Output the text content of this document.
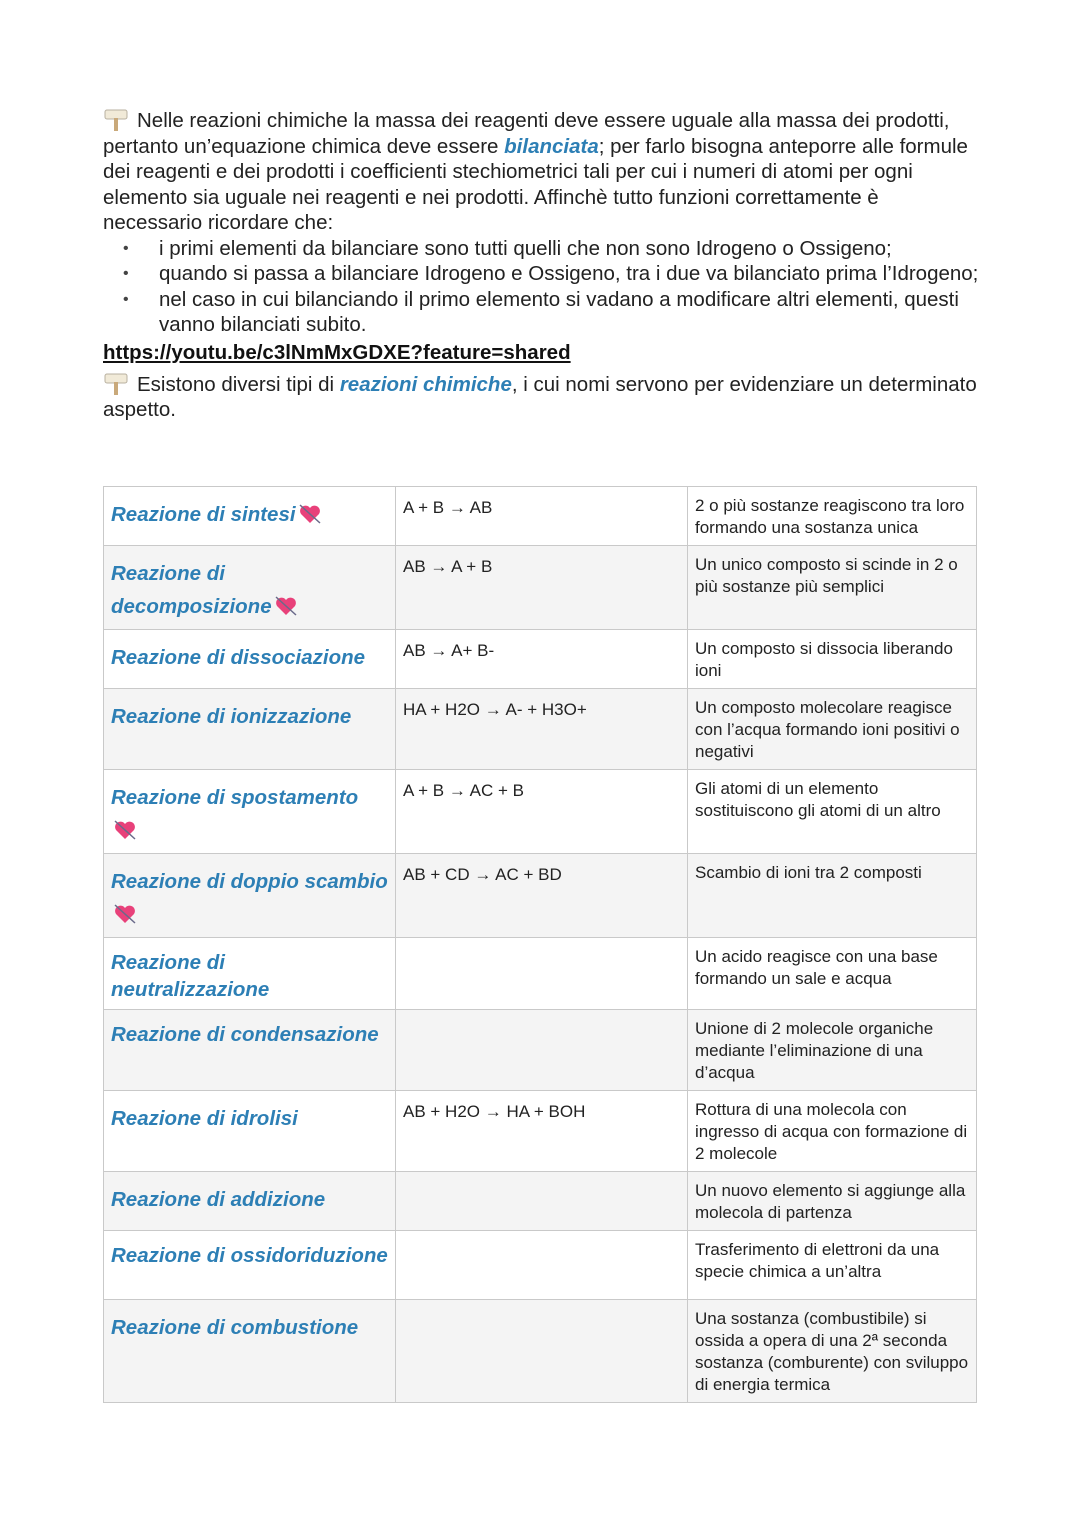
Nelle reazioni chimiche la massa dei reagenti deve essere uguale alla massa dei prodotti, pertanto un’equazione chimica deve essere bilanciata; per farlo bisogna anteporre alle formule dei reagenti e dei prodotti i coefficienti stechiometrici tali per cui i numeri di atomi per ogni elemento sia uguale nei reagenti e nei prodotti. Affinchè tutto funzioni correttamente è necessario ricordare che:

• i primi elementi da bilanciare sono tutti quelli che non sono Idrogeno o Ossigeno;
• quando si passa a bilanciare Idrogeno e Ossigeno, tra i due va bilanciato prima l’Idrogeno;
• nel caso in cui bilanciando il primo elemento si vadano a modificare altri elementi, questi vanno bilanciati subito.
https://youtu.be/c3lNmMxGDXE?feature=shared

Esistono diversi tipi di reazioni chimiche, i cui nomi servono per evidenziare un determinato aspetto.

Reazione di sintesi	A + B → AB	2 o più sostanze reagiscono tra loro formando una sostanza unica
Reazione di decomposizione	AB → A + B	Un unico composto si scinde in 2 o più sostanze più semplici
Reazione di dissociazione	AB → A+ B-	Un composto si dissocia liberando ioni
Reazione di ionizzazione	HA + H2O → A- + H3O+	Un composto molecolare reagisce con l’acqua formando ioni positivi o negativi
Reazione di spostamento	A + B → AC + B	Gli atomi di un elemento sostituiscono gli atomi di un altro
Reazione di doppio scambio	AB + CD → AC + BD	Scambio di ioni tra 2 composti
Reazione di neutralizzazione		Un acido reagisce con una base formando un sale e acqua
Reazione di condensazione		Unione di 2 molecole organiche mediante l’eliminazione di una d’acqua
Reazione di idrolisi	AB + H2O → HA + BOH	Rottura di una molecola con ingresso di acqua con formazione di 2 molecole
Reazione di addizione		Un nuovo elemento si aggiunge alla molecola di partenza
Reazione di ossidoriduzione		Trasferimento di elettroni da una specie chimica a un’altra
Reazione di combustione		Una sostanza (combustibile) si ossida a opera di una 2ª seconda sostanza (comburente) con sviluppo di energia termica
